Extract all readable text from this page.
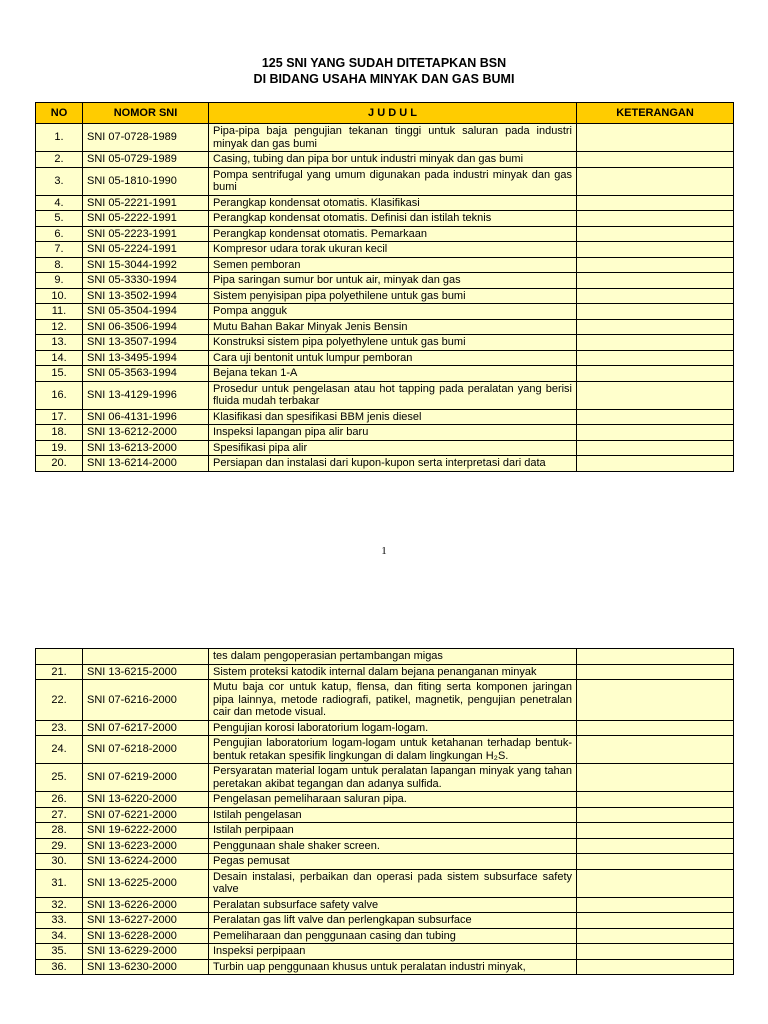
125 SNI YANG SUDAH DITETAPKAN BSN
DI BIDANG USAHA MINYAK DAN GAS BUMI
NO	NOMOR SNI	J U D U L	KETERANGAN
1.	SNI 07-0728-1989	Pipa-pipa baja pengujian tekanan tinggi untuk saluran pada industri minyak dan gas bumi	
2.	SNI 05-0729-1989	Casing, tubing dan pipa bor untuk industri minyak dan gas bumi	
3.	SNI 05-1810-1990	Pompa sentrifugal yang umum digunakan pada industri minyak dan gas bumi	
4.	SNI 05-2221-1991	Perangkap kondensat otomatis. Klasifikasi	
5.	SNI 05-2222-1991	Perangkap kondensat otomatis. Definisi dan istilah teknis	
6.	SNI 05-2223-1991	Perangkap kondensat otomatis. Pemarkaan	
7.	SNI 05-2224-1991	Kompresor udara torak ukuran kecil	
8.	SNI 15-3044-1992	Semen pemboran	
9.	SNI 05-3330-1994	Pipa saringan sumur bor untuk air, minyak dan gas	
10.	SNI 13-3502-1994	Sistem penyisipan pipa polyethilene untuk gas bumi	
11.	SNI 05-3504-1994	Pompa angguk	
12.	SNI 06-3506-1994	Mutu Bahan Bakar Minyak Jenis Bensin	
13.	SNI 13-3507-1994	Konstruksi sistem pipa polyethylene untuk gas bumi	
14.	SNI 13-3495-1994	Cara uji bentonit untuk lumpur pemboran	
15.	SNI 05-3563-1994	Bejana tekan 1-A	
16.	SNI 13-4129-1996	Prosedur untuk pengelasan atau hot tapping pada peralatan yang berisi fluida mudah terbakar	
17.	SNI 06-4131-1996	Klasifikasi dan spesifikasi BBM jenis diesel	
18.	SNI 13-6212-2000	Inspeksi lapangan pipa alir baru	
19.	SNI 13-6213-2000	Spesifikasi pipa alir	
20.	SNI 13-6214-2000	Persiapan dan instalasi dari kupon-kupon serta interpretasi dari data	
1
		tes dalam pengoperasian pertambangan migas	
21.	SNI 13-6215-2000	Sistem proteksi katodik internal dalam bejana penanganan minyak	
22.	SNI 07-6216-2000	Mutu baja cor untuk katup, flensa, dan fiting serta komponen jaringan pipa lainnya, metode radiografi, patikel, magnetik, pengujian penetralan cair dan metode visual.	
23.	SNI 07-6217-2000	Pengujian korosi laboratorium logam-logam.	
24.	SNI 07-6218-2000	Pengujian laboratorium logam-logam untuk ketahanan terhadap bentuk-bentuk retakan spesifik lingkungan di dalam lingkungan H₂S.	
25.	SNI 07-6219-2000	Persyaratan material logam untuk peralatan lapangan minyak yang tahan peretakan akibat tegangan dan adanya sulfida.	
26.	SNI 13-6220-2000	Pengelasan pemeliharaan saluran pipa.	
27.	SNI 07-6221-2000	Istilah pengelasan	
28.	SNI 19-6222-2000	Istilah perpipaan	
29.	SNI 13-6223-2000	Penggunaan shale shaker screen.	
30.	SNI 13-6224-2000	Pegas pemusat	
31.	SNI 13-6225-2000	Desain instalasi, perbaikan dan operasi pada sistem subsurface safety valve	
32.	SNI 13-6226-2000	Peralatan subsurface safety valve	
33.	SNI 13-6227-2000	Peralatan gas lift valve dan perlengkapan subsurface	
34.	SNI 13-6228-2000	Pemeliharaan dan penggunaan casing dan tubing	
35.	SNI 13-6229-2000	Inspeksi perpipaan	
36.	SNI 13-6230-2000	Turbin uap penggunaan khusus untuk peralatan industri minyak,	
